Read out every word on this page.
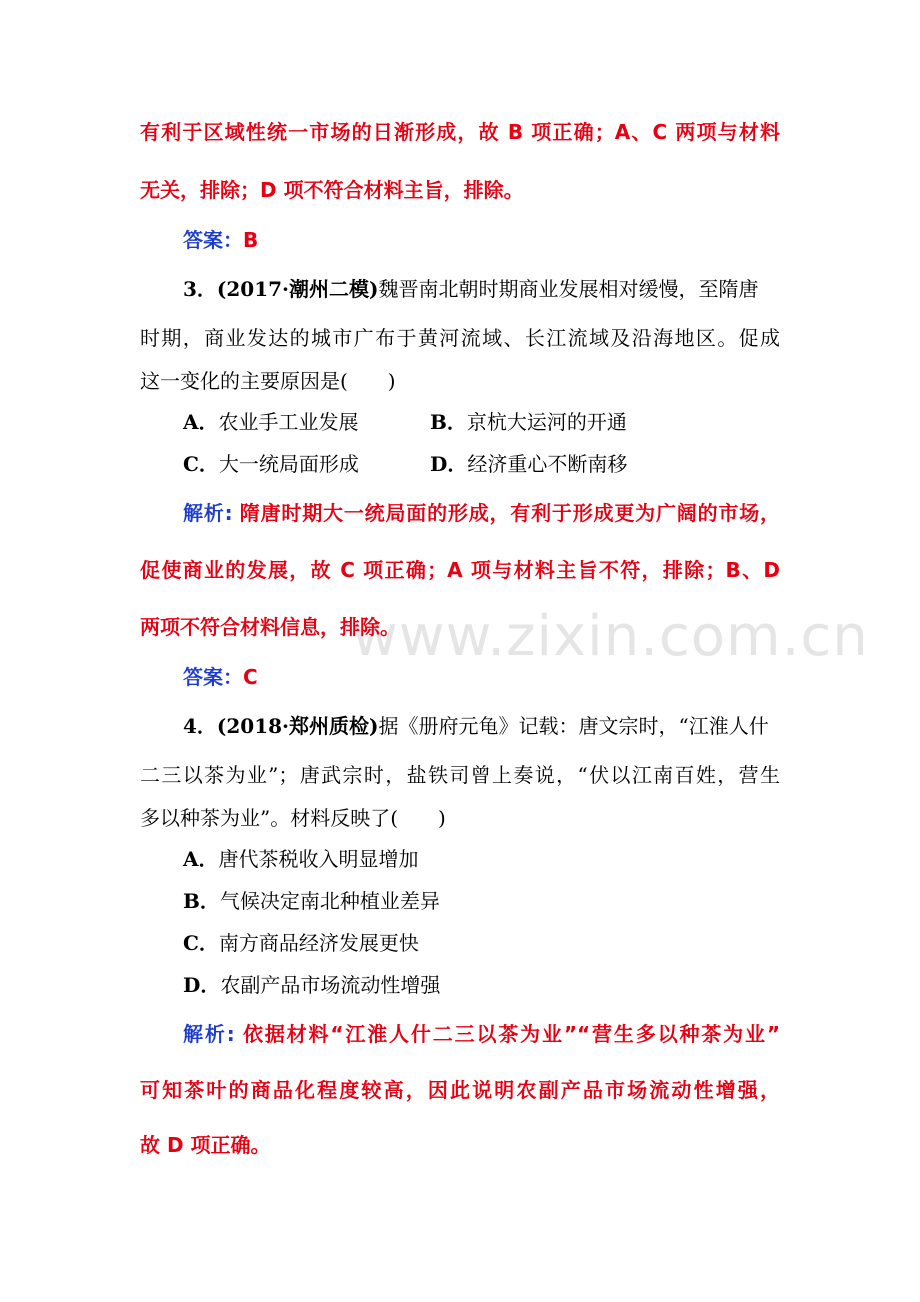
www.zixin.com.cn
有利于区域性统一市场的日渐形成，故 B 项正确；A、C 两项与材料
无关，排除；D 项不符合材料主旨，排除。
答案：B
3．(2017·潮州二模)魏晋南北朝时期商业发展相对缓慢，至隋唐
时期，商业发达的城市广布于黄河流域、长江流域及沿海地区。促成
这一变化的主要原因是(　　)
A．农业手工业发展	B．京杭大运河的开通
C．大一统局面形成	D．经济重心不断南移
解析: 隋唐时期大一统局面的形成，有利于形成更为广阔的市场，
促使商业的发展，故 C 项正确；A 项与材料主旨不符，排除；B、D
两项不符合材料信息，排除。
答案：C
4．(2018·郑州质检)据《册府元龟》记载：唐文宗时，“江淮人什
二三以茶为业”；唐武宗时，盐铁司曾上奏说，“伏以江南百姓，营生
多以种茶为业”。材料反映了(　　)
A．唐代茶税收入明显增加
B．气候决定南北种植业差异
C．南方商品经济发展更快
D．农副产品市场流动性增强
解析: 依据材料“江淮人什二三以茶为业”“营生多以种茶为业”
可知茶叶的商品化程度较高，因此说明农副产品市场流动性增强，
故 D 项正确。
